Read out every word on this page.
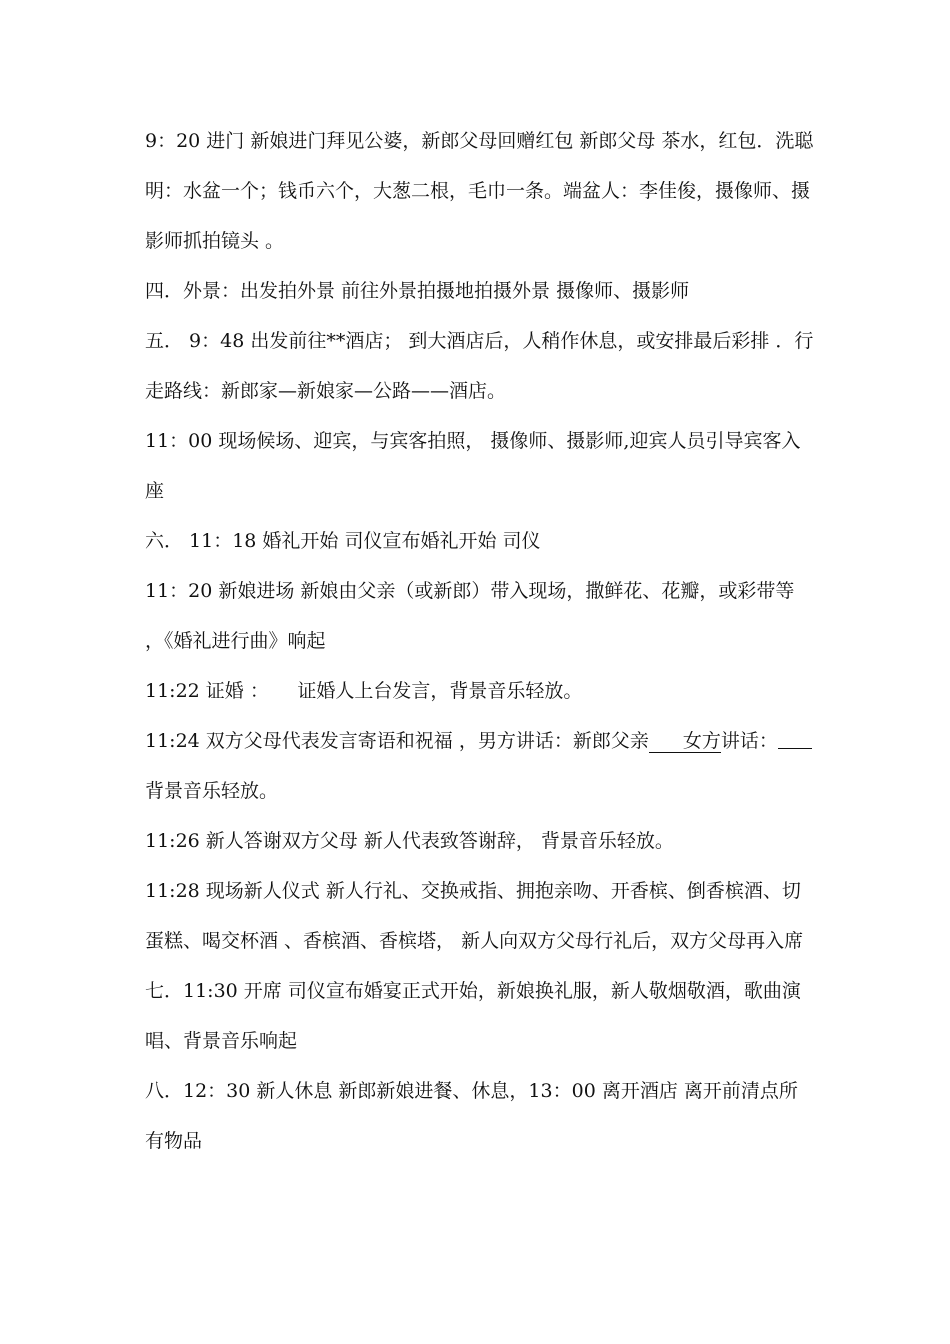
9：20 进门 新娘进门拜见公婆，新郎父母回赠红包 新郎父母 茶水，红包．洗聪明：水盆一个；钱币六个，大葱二根，毛巾一条。端盆人：李佳俊，摄像师、摄影师抓拍镜头 。

四．外景：出发拍外景 前往外景拍摄地拍摄外景 摄像师、摄影师

五． 9：48 出发前往**酒店； 到大酒店后，人稍作休息，或安排最后彩排 ．行走路线：新郎家—新娘家—公路——酒店。

11：00 现场候场、迎宾，与宾客拍照， 摄像师、摄影师,迎宾人员引导宾客入座

六． 11：18 婚礼开始 司仪宣布婚礼开始 司仪

11：20 新娘进场 新娘由父亲（或新郎）带入现场，撒鲜花、花瓣，或彩带等 ，《婚礼进行曲》响起

11:22 证婚 ：　　证婚人上台发言，背景音乐轻放。

11:24 双方父母代表发言寄语和祝福 ，男方讲话：新郎父亲 女方讲话：背景音乐轻放。

11:26 新人答谢双方父母 新人代表致答谢辞， 背景音乐轻放。

11:28 现场新人仪式 新人行礼、交换戒指、拥抱亲吻、开香槟、倒香槟酒、切蛋糕、喝交杯酒 、香槟酒、香槟塔， 新人向双方父母行礼后，双方父母再入席

七．11:30 开席 司仪宣布婚宴正式开始，新娘换礼服，新人敬烟敬酒，歌曲演唱、背景音乐响起

八．12：30 新人休息 新郎新娘进餐、休息，13：00 离开酒店 离开前清点所有物品
